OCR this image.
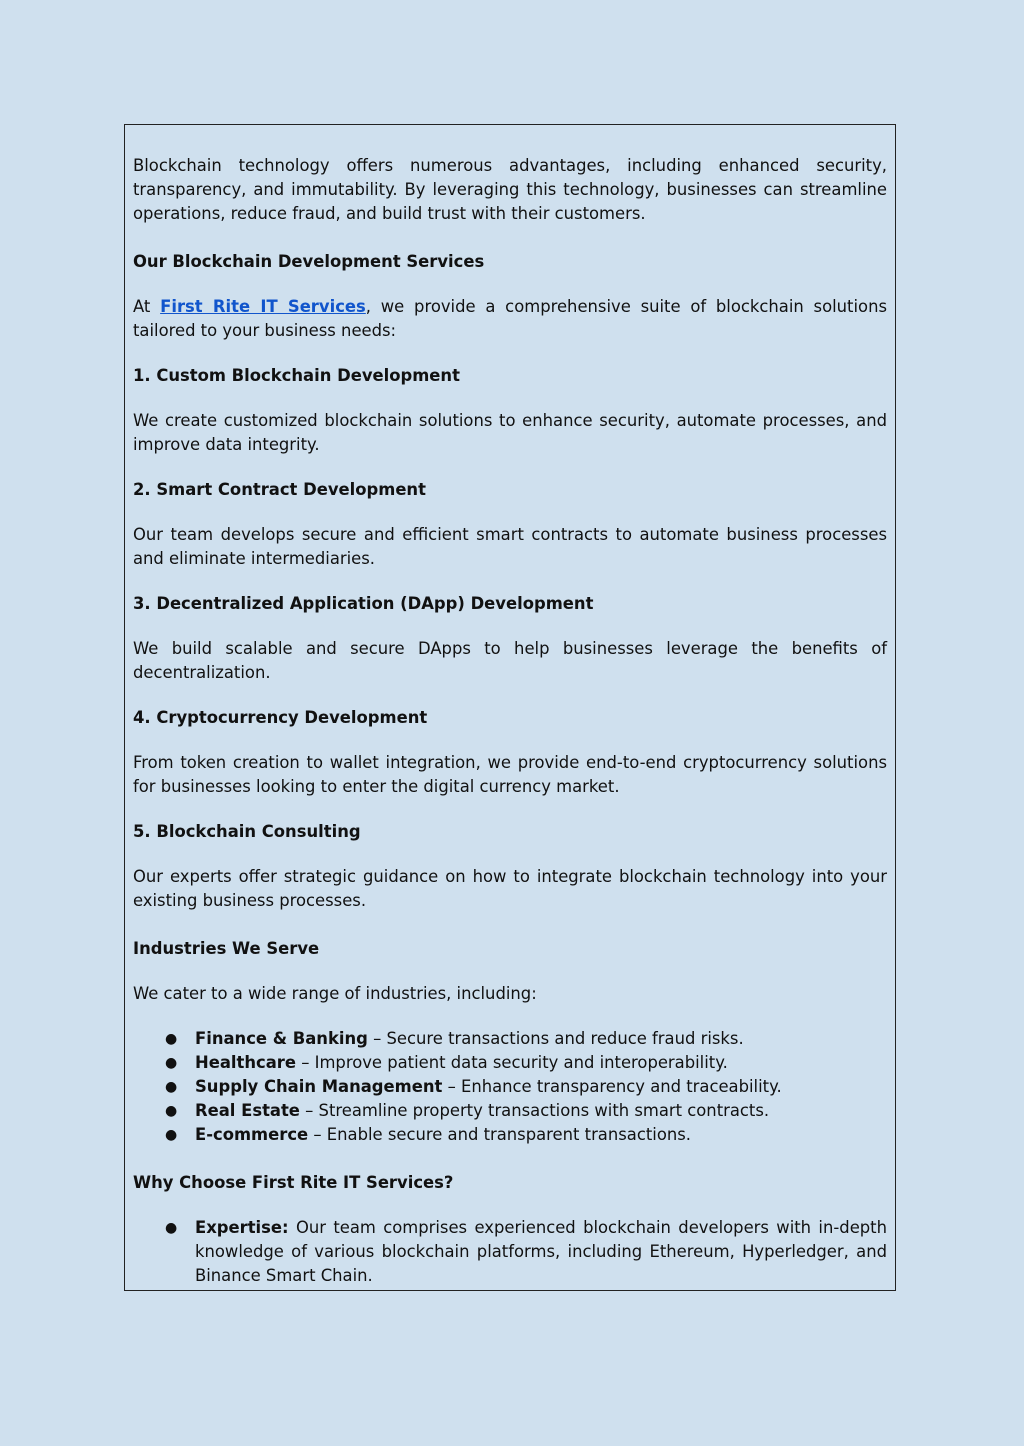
Blockchain technology offers numerous advantages, including enhanced security, transparency, and immutability. By leveraging this technology, businesses can streamline operations, reduce fraud, and build trust with their customers.

Our Blockchain Development Services

At First Rite IT Services, we provide a comprehensive suite of blockchain solutions tailored to your business needs:

1. Custom Blockchain Development

We create customized blockchain solutions to enhance security, automate processes, and improve data integrity.

2. Smart Contract Development

Our team develops secure and efficient smart contracts to automate business processes and eliminate intermediaries.

3. Decentralized Application (DApp) Development

We build scalable and secure DApps to help businesses leverage the benefits of decentralization.

4. Cryptocurrency Development

From token creation to wallet integration, we provide end-to-end cryptocurrency solutions for businesses looking to enter the digital currency market.

5. Blockchain Consulting

Our experts offer strategic guidance on how to integrate blockchain technology into your existing business processes.

Industries We Serve

We cater to a wide range of industries, including:

● Finance & Banking – Secure transactions and reduce fraud risks.
● Healthcare – Improve patient data security and interoperability.
● Supply Chain Management – Enhance transparency and traceability.
● Real Estate – Streamline property transactions with smart contracts.
● E-commerce – Enable secure and transparent transactions.
Why Choose First Rite IT Services?
● Expertise: Our team comprises experienced blockchain developers with in-depth knowledge of various blockchain platforms, including Ethereum, Hyperledger, and Binance Smart Chain.
